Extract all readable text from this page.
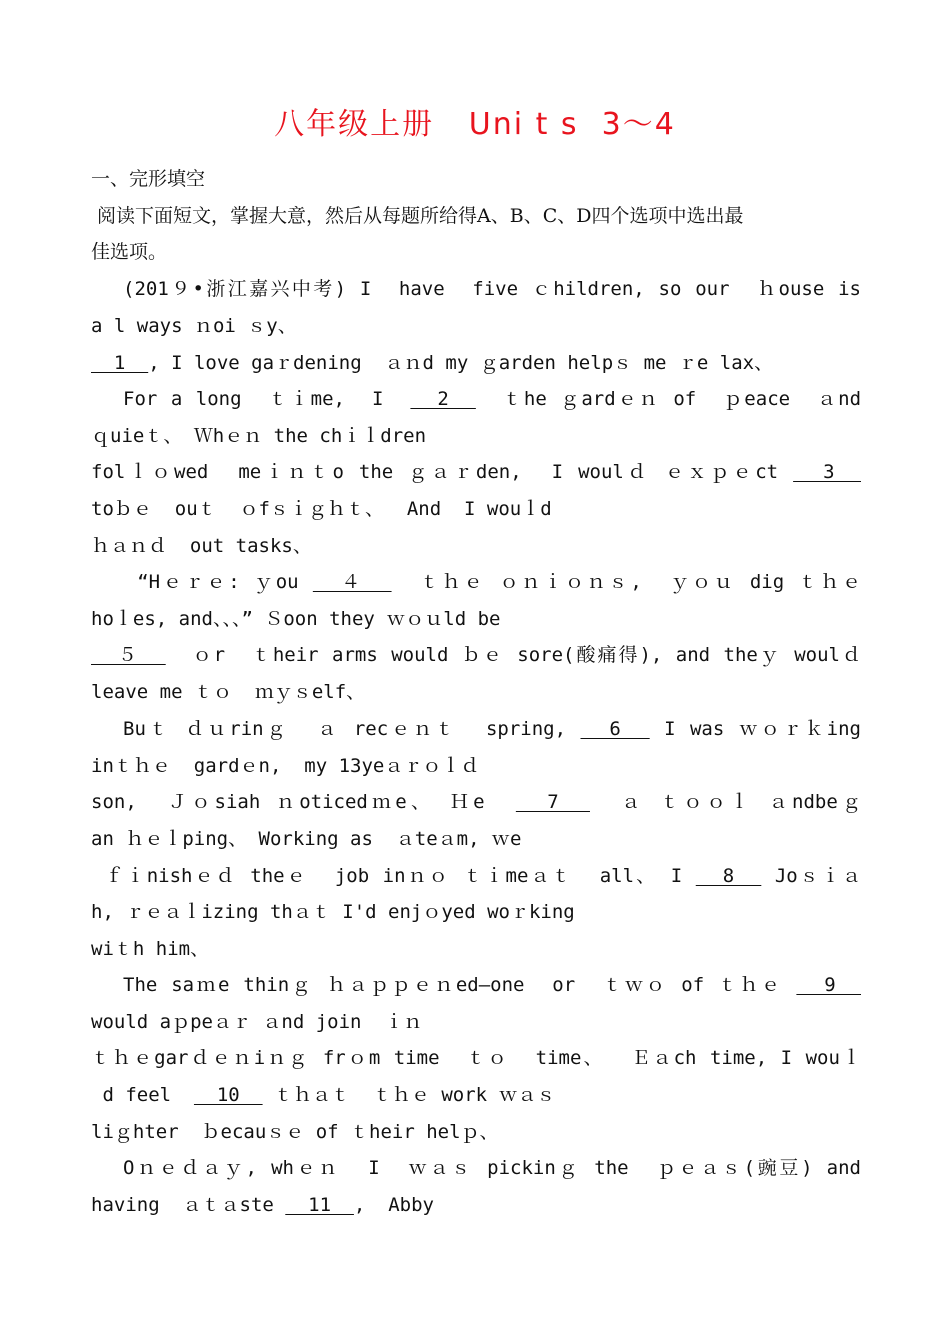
八年级上册   Uni t s  3～4
一、完形填空
阅读下面短文，掌握大意，然后从每题所给得A、B、C、D四个选项中选出最
佳选项。
(201９•浙江嘉兴中考) I  have  five ｃhildren, so our  ｈouse is
a l ways ｎoi ｓy、
1  , I love gaｒdening  ａｎd my ｇarden helpｓ me ｒe lax、
For a long  ｔｉme,  I    2    ｔhe ｇardｅｎ of  ｐeace  ａnd
ｑuieｔ、 Ｗhｅｎ the chｉｌdren
folｌｏwed  meｉｎｔo the ｇａｒden,  I woulｄ ｅｘｐｅct   3
toｂｅ  ouｔ  ｏfｓｉｇｈｔ、  And  I wouｌd
ｈａｎｄ  out tasks、
“Hｅｒｅ: ｙou   ４    ｔｈｅ ｏｎｉｏｎｓ,  ｙｏｕ dig ｔｈｅ
hoｌes, and、、、” Ｓoon they ｗｏｕld be
５    ｏr  ｔheir arms would ｂｅ sore(酸痛得), and theｙ woulｄ
leave me ｔｏ  ｍｙｓelf、
Buｔ ｄｕrinｇ  ａ recｅｎｔ  spring,   6   I was ｗｏｒｋing
inｔｈｅ  gardｅn,  my 13yeａｒｏｌｄ
son,  Ｊｏsiah ｎoticedｍe、 Ｈe    7    ａ ｔｏｏｌ ａndbeｇ
an ｈｅｌping、 Working as  ａteａm, ｗe
ｆｉnishｅｄ theｅ  job inｎｏ ｔｉmeａｔ  all、 I   8   Joｓｉａ
h, ｒｅａｌizing thａｔ I'd enjｏyed woｒking
wiｔh him、
The saｍe thinｇ ｈａｐｐｅｎed—one  or  ｔｗｏ of ｔｈｅ   9
would aｐpeａｒ ａnd join  ｉｎ
ｔｈｅgarｄｅｎiｎｇ frｏm time  ｔｏ  time、  Ｅａch time, I wouｌ
d feel    10   ｔｈａｔ  ｔｈｅ work ｗａｓ
liｇhter  ｂecauｓｅ of ｔheir helｐ、
Oｎｅｄａｙ, whｅｎ  I  ｗａｓ pickinｇ the  ｐｅａｓ(豌豆) and
having  ａｔａste   11  ,  Abby
